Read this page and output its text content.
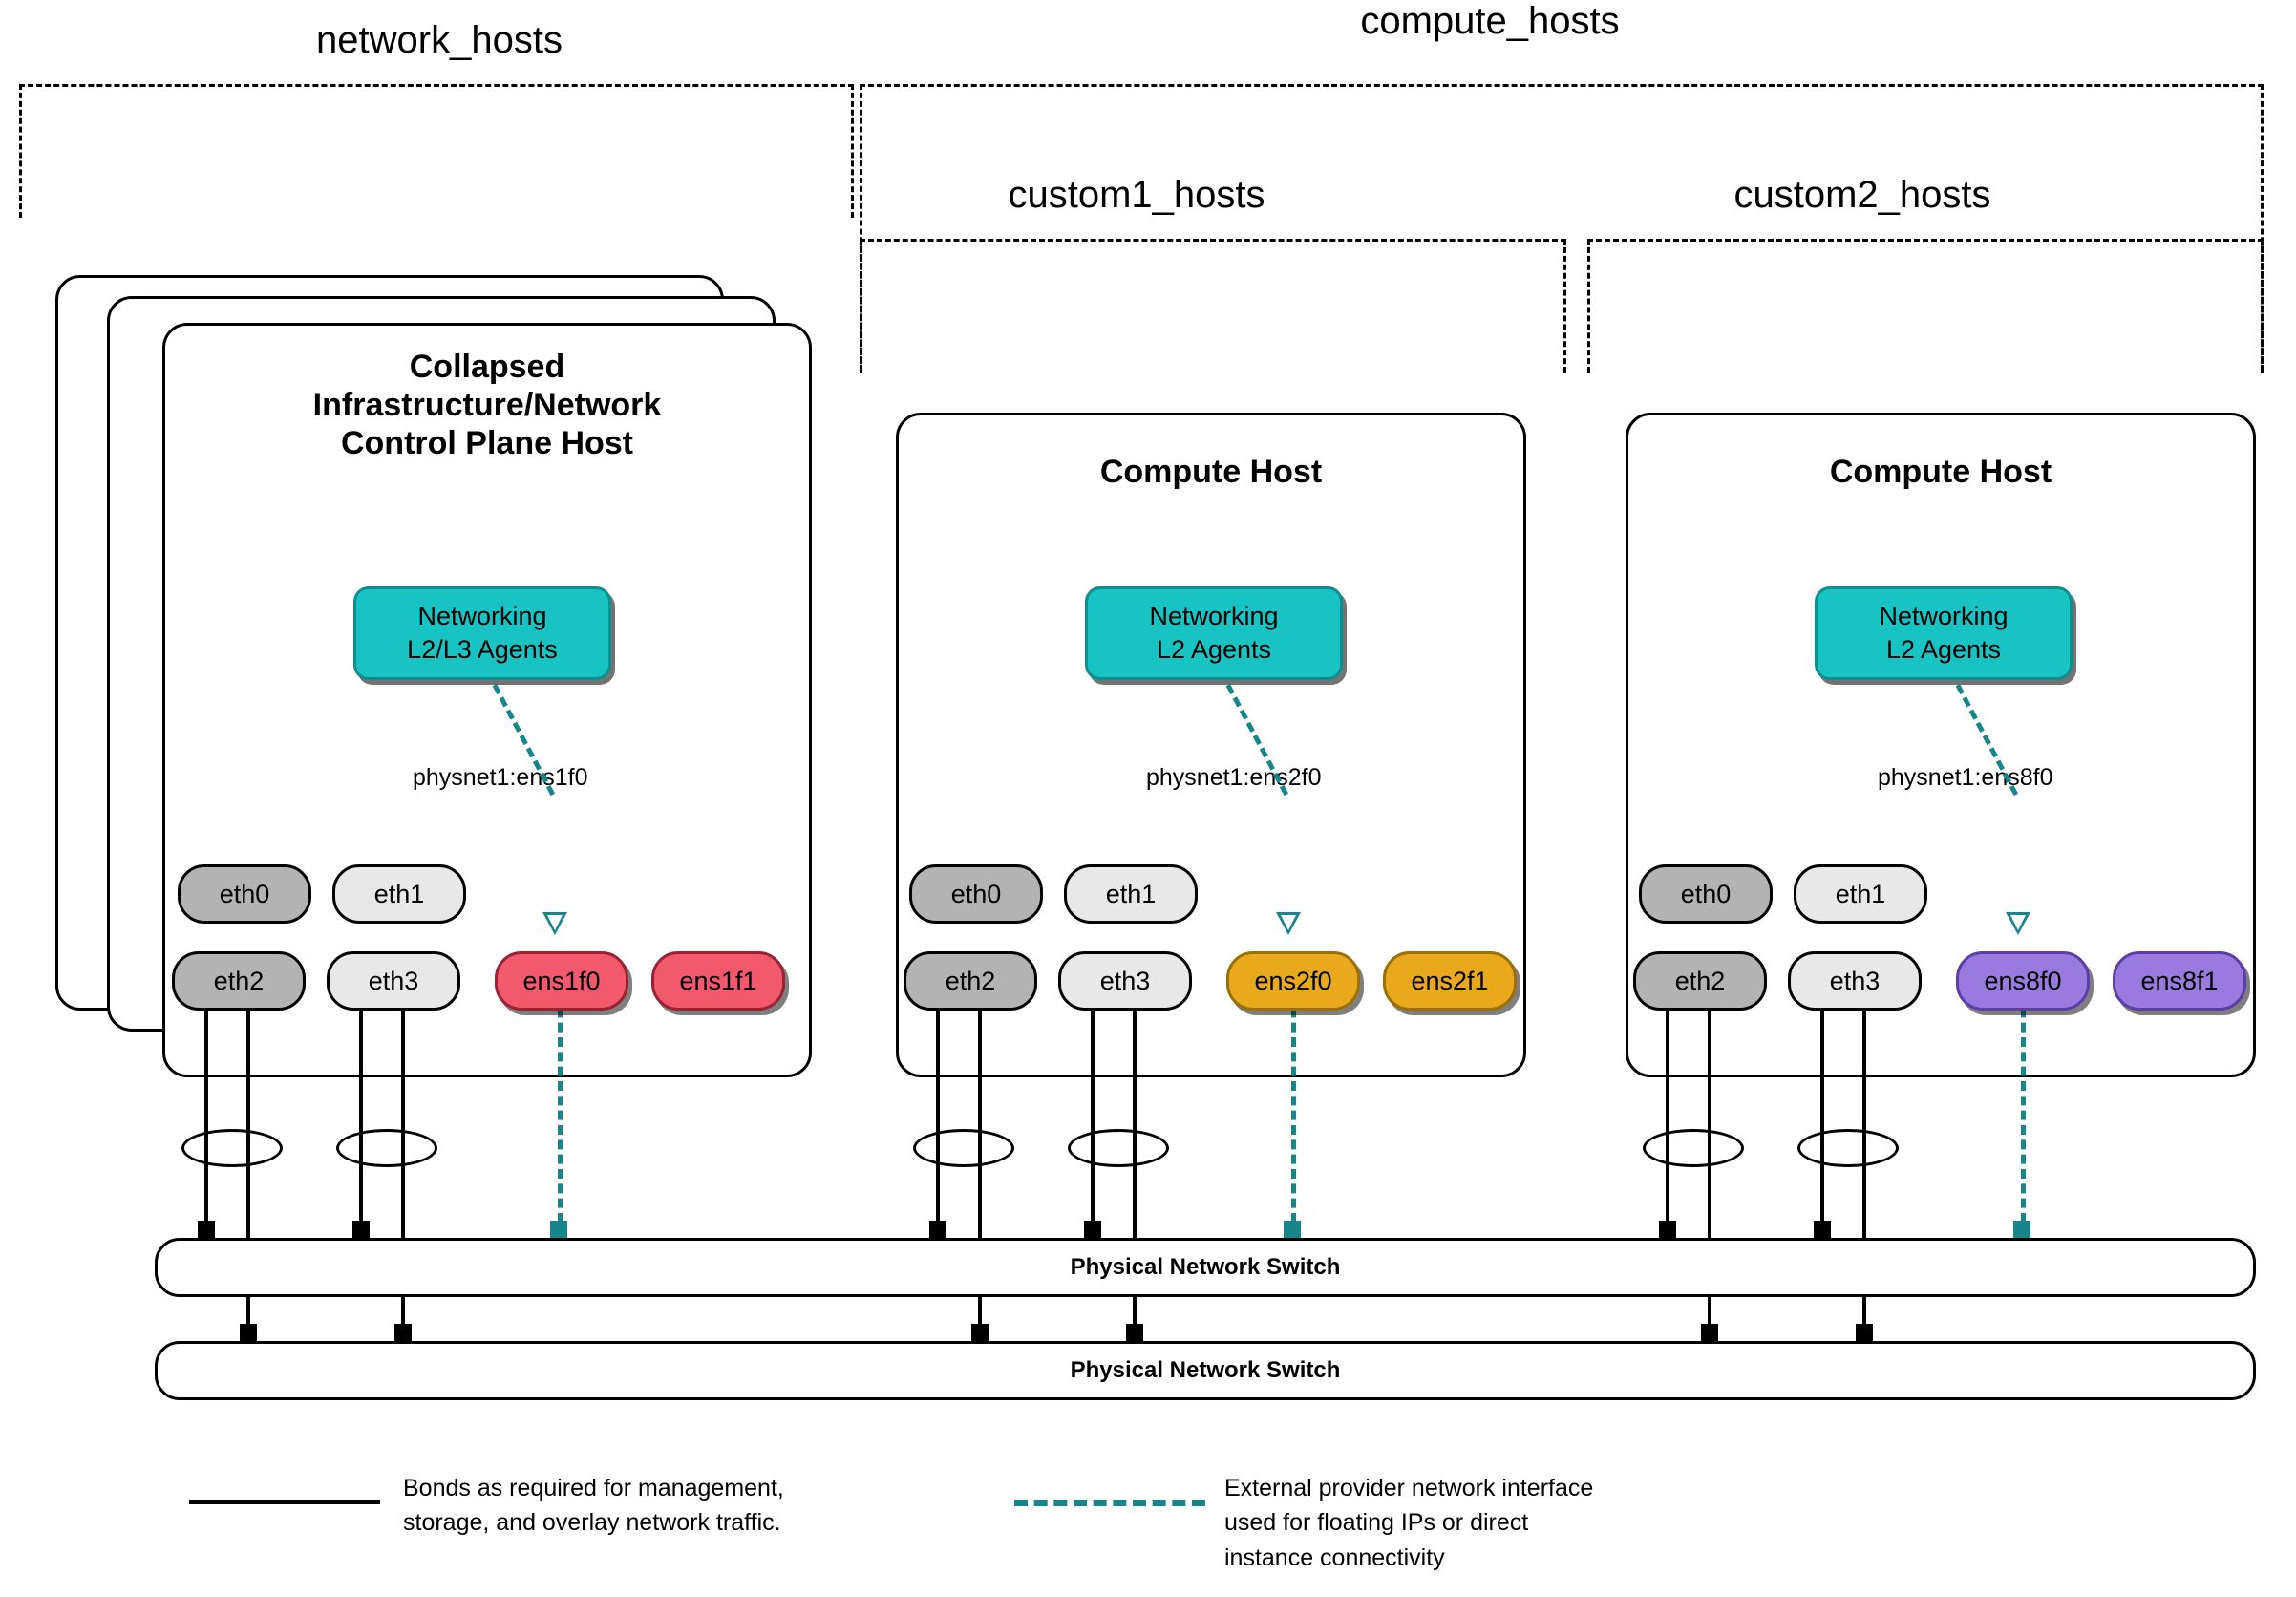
network_hosts	compute_hosts
custom1_hosts	custom2_hosts
Collapsed
Infrastructure/Network
Control Plane Host
Networking
L2/L3 Agents
physnet1:ens1f0
eth0	eth1
eth2	eth3	ens1f0	ens1f1
Compute Host
Networking
L2 Agents
physnet1:ens2f0
eth0	eth1
eth2	eth3	ens2f0	ens2f1
Compute Host
Networking
L2 Agents
physnet1:ens8f0
eth0	eth1
eth2	eth3	ens8f0	ens8f1
Physical Network Switch
Physical Network Switch
Bonds as required for management,
storage, and overlay network traffic.
External provider network interface
used for floating IPs or direct
instance connectivity
